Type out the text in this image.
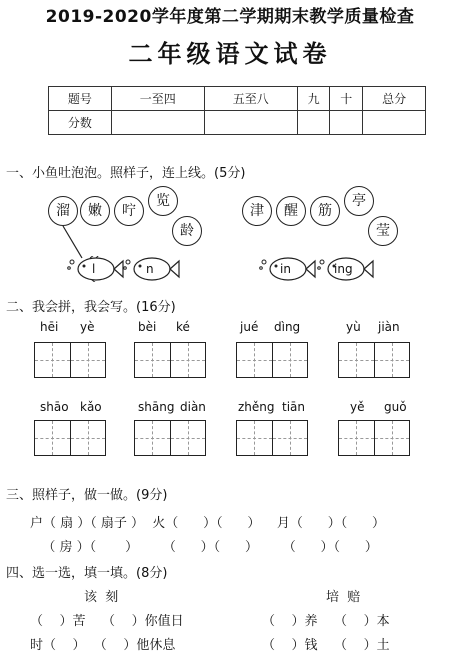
2019-2020学年度第二学期期末教学质量检查
二年级语文试卷
题号	一至四	五至八	九	十	总分
分数					
一、小鱼吐泡泡。照样子，连上线。(5分)
溜	嫩	咛
览
龄
津	醒	筋
亭
莹
l	n	in	ing
二、我会拼，我会写。(16分)
hēi yè	bèi ké	jué dìng	yù jiàn
shāo kǎo	shāng diàn	zhěng tiān	yě guǒ
三、照样子，做一做。(9分)
户（ 扇 ）（ 扇子 ）  火（      ）（      ）    月（      ）（      ）
（ 房 ）（       ）      （      ）（      ）      （      ）（      ）
四、选一选，填一填。(8分)
该  刻	培  赔
（    ）苦    （    ）你值日	（    ）养    （    ）本
时（    ）  （    ）他休息	（    ）钱    （    ）土
